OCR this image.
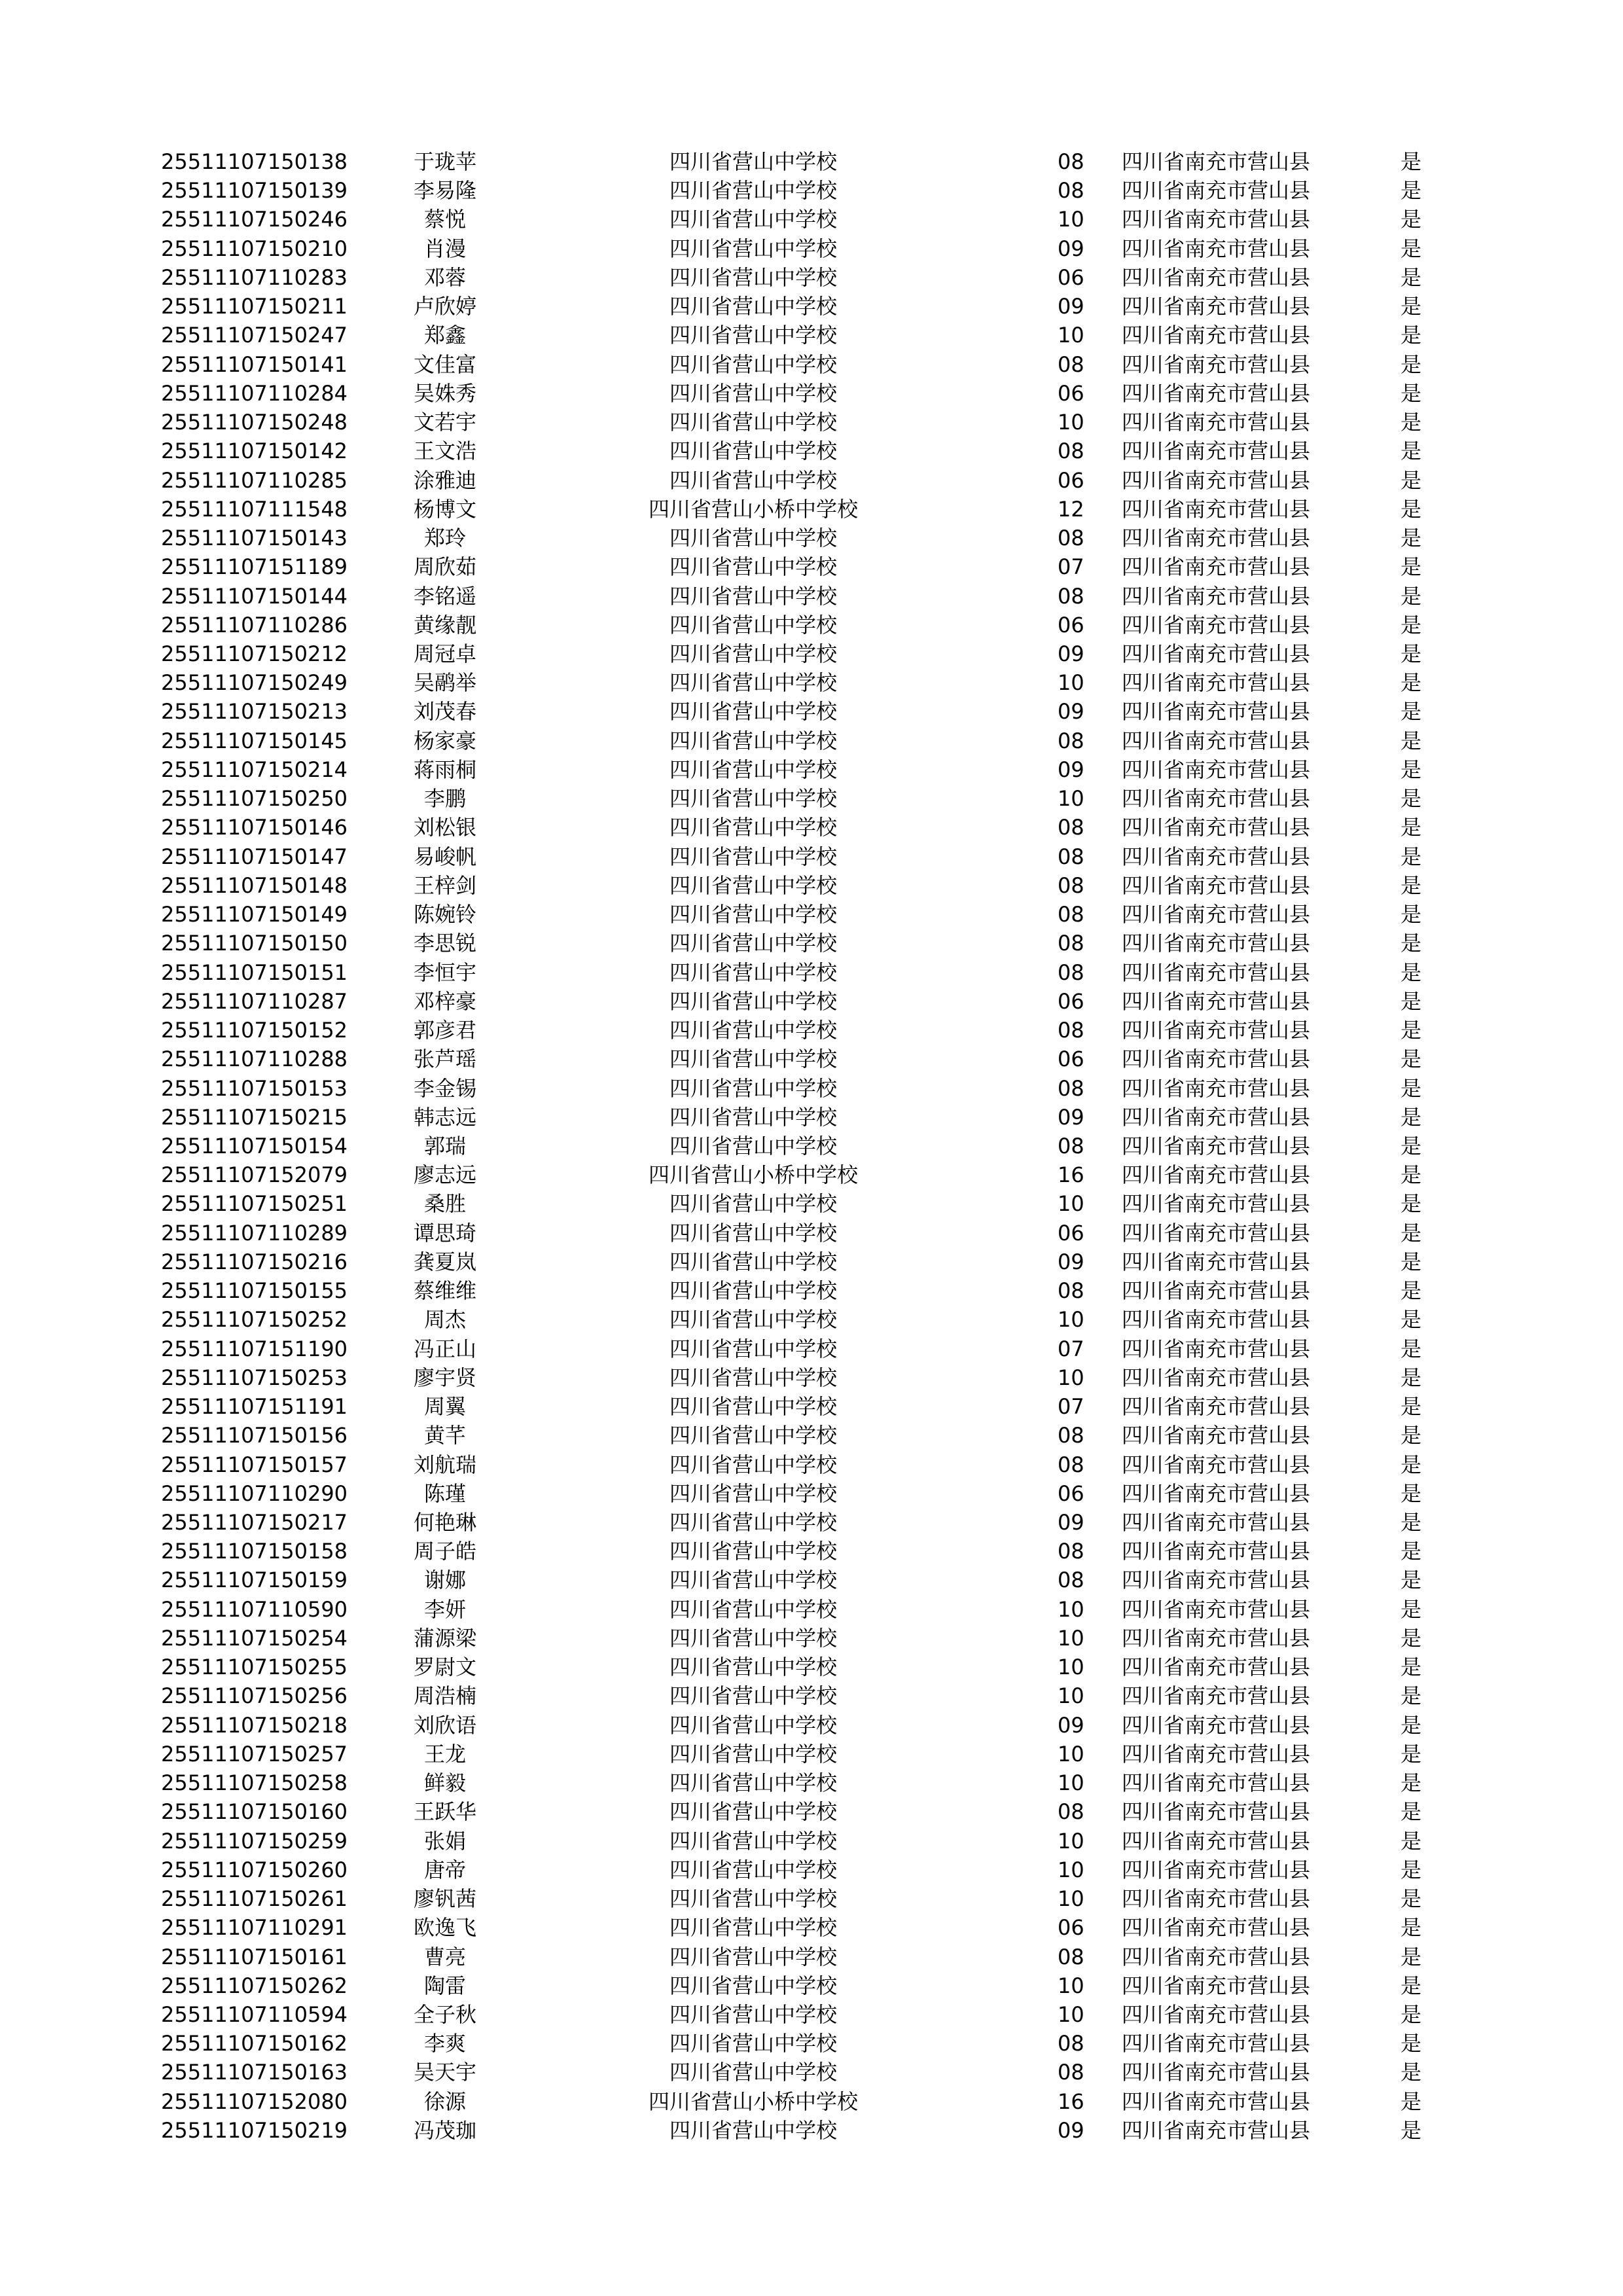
25511107150138	于珑苹	四川省营山中学校	08 四川省南充市营山县	是
25511107150139	李易隆	四川省营山中学校	08 四川省南充市营山县	是
25511107150246	蔡悦	四川省营山中学校	10 四川省南充市营山县	是
25511107150210	肖漫	四川省营山中学校	09 四川省南充市营山县	是
25511107110283	邓蓉	四川省营山中学校	06 四川省南充市营山县	是
25511107150211	卢欣婷	四川省营山中学校	09 四川省南充市营山县	是
25511107150247	郑鑫	四川省营山中学校	10 四川省南充市营山县	是
25511107150141	文佳富	四川省营山中学校	08 四川省南充市营山县	是
25511107110284	吴姝秀	四川省营山中学校	06 四川省南充市营山县	是
25511107150248	文若宇	四川省营山中学校	10 四川省南充市营山县	是
25511107150142	王文浩	四川省营山中学校	08 四川省南充市营山县	是
25511107110285	涂雅迪	四川省营山中学校	06 四川省南充市营山县	是
25511107111548	杨博文	四川省营山小桥中学校	12 四川省南充市营山县	是
25511107150143	郑玲	四川省营山中学校	08 四川省南充市营山县	是
25511107151189	周欣茹	四川省营山中学校	07 四川省南充市营山县	是
25511107150144	李铭遥	四川省营山中学校	08 四川省南充市营山县	是
25511107110286	黄缘靓	四川省营山中学校	06 四川省南充市营山县	是
25511107150212	周冠卓	四川省营山中学校	09 四川省南充市营山县	是
25511107150249	吴鹝举	四川省营山中学校	10 四川省南充市营山县	是
25511107150213	刘茂春	四川省营山中学校	09 四川省南充市营山县	是
25511107150145	杨家豪	四川省营山中学校	08 四川省南充市营山县	是
25511107150214	蒋雨桐	四川省营山中学校	09 四川省南充市营山县	是
25511107150250	李鹏	四川省营山中学校	10 四川省南充市营山县	是
25511107150146	刘松银	四川省营山中学校	08 四川省南充市营山县	是
25511107150147	易峻帆	四川省营山中学校	08 四川省南充市营山县	是
25511107150148	王梓剑	四川省营山中学校	08 四川省南充市营山县	是
25511107150149	陈婉铃	四川省营山中学校	08 四川省南充市营山县	是
25511107150150	李思锐	四川省营山中学校	08 四川省南充市营山县	是
25511107150151	李恒宇	四川省营山中学校	08 四川省南充市营山县	是
25511107110287	邓梓豪	四川省营山中学校	06 四川省南充市营山县	是
25511107150152	郭彦君	四川省营山中学校	08 四川省南充市营山县	是
25511107110288	张芦瑶	四川省营山中学校	06 四川省南充市营山县	是
25511107150153	李金锡	四川省营山中学校	08 四川省南充市营山县	是
25511107150215	韩志远	四川省营山中学校	09 四川省南充市营山县	是
25511107150154	郭瑞	四川省营山中学校	08 四川省南充市营山县	是
25511107152079	廖志远	四川省营山小桥中学校	16 四川省南充市营山县	是
25511107150251	桑胜	四川省营山中学校	10 四川省南充市营山县	是
25511107110289	谭思琦	四川省营山中学校	06 四川省南充市营山县	是
25511107150216	龚夏岚	四川省营山中学校	09 四川省南充市营山县	是
25511107150155	蔡维维	四川省营山中学校	08 四川省南充市营山县	是
25511107150252	周杰	四川省营山中学校	10 四川省南充市营山县	是
25511107151190	冯正山	四川省营山中学校	07 四川省南充市营山县	是
25511107150253	廖宇贤	四川省营山中学校	10 四川省南充市营山县	是
25511107151191	周翼	四川省营山中学校	07 四川省南充市营山县	是
25511107150156	黄芊	四川省营山中学校	08 四川省南充市营山县	是
25511107150157	刘航瑞	四川省营山中学校	08 四川省南充市营山县	是
25511107110290	陈瑾	四川省营山中学校	06 四川省南充市营山县	是
25511107150217	何艳琳	四川省营山中学校	09 四川省南充市营山县	是
25511107150158	周子皓	四川省营山中学校	08 四川省南充市营山县	是
25511107150159	谢娜	四川省营山中学校	08 四川省南充市营山县	是
25511107110590	李妍	四川省营山中学校	10 四川省南充市营山县	是
25511107150254	蒲源梁	四川省营山中学校	10 四川省南充市营山县	是
25511107150255	罗尉文	四川省营山中学校	10 四川省南充市营山县	是
25511107150256	周浩楠	四川省营山中学校	10 四川省南充市营山县	是
25511107150218	刘欣语	四川省营山中学校	09 四川省南充市营山县	是
25511107150257	王龙	四川省营山中学校	10 四川省南充市营山县	是
25511107150258	鲜毅	四川省营山中学校	10 四川省南充市营山县	是
25511107150160	王跃华	四川省营山中学校	08 四川省南充市营山县	是
25511107150259	张娟	四川省营山中学校	10 四川省南充市营山县	是
25511107150260	唐帝	四川省营山中学校	10 四川省南充市营山县	是
25511107150261	廖钒茜	四川省营山中学校	10 四川省南充市营山县	是
25511107110291	欧逸飞	四川省营山中学校	06 四川省南充市营山县	是
25511107150161	曹亮	四川省营山中学校	08 四川省南充市营山县	是
25511107150262	陶雷	四川省营山中学校	10 四川省南充市营山县	是
25511107110594	全子秋	四川省营山中学校	10 四川省南充市营山县	是
25511107150162	李爽	四川省营山中学校	08 四川省南充市营山县	是
25511107150163	吴天宇	四川省营山中学校	08 四川省南充市营山县	是
25511107152080	徐源	四川省营山小桥中学校	16 四川省南充市营山县	是
25511107150219	冯茂珈	四川省营山中学校	09 四川省南充市营山县	是
